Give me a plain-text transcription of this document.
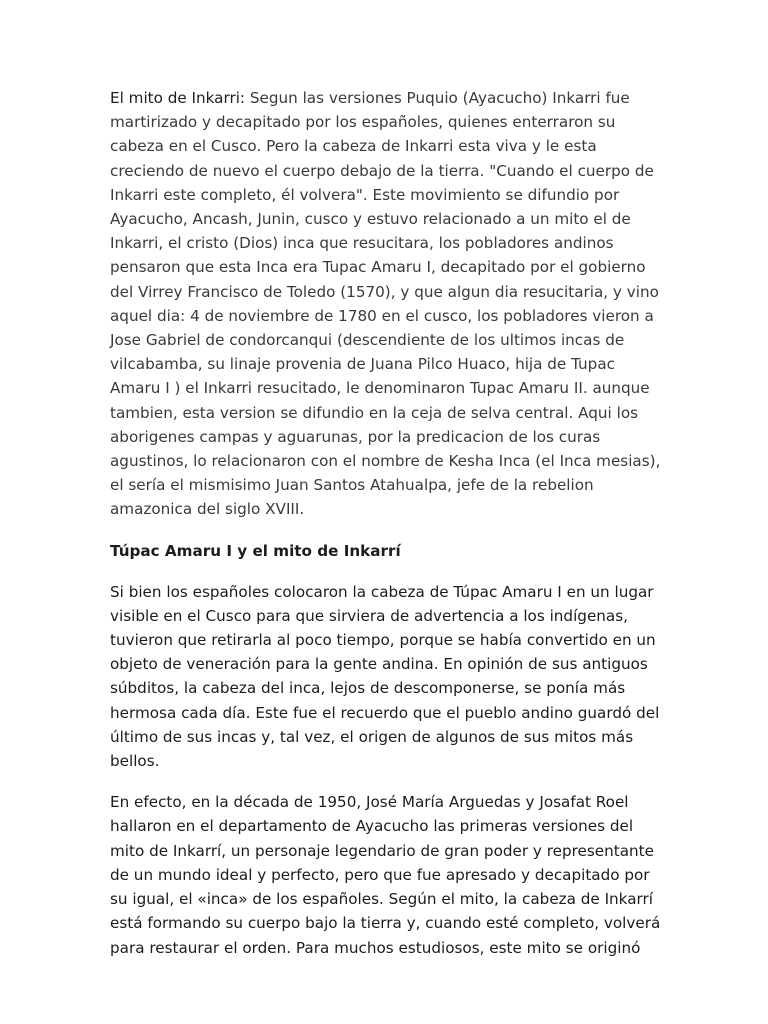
El mito de Inkarri: Segun las versiones Puquio (Ayacucho) Inkarri fue
martirizado y decapitado por los españoles, quienes enterraron su
cabeza en el Cusco. Pero la cabeza de Inkarri esta viva y le esta
creciendo de nuevo el cuerpo debajo de la tierra. "Cuando el cuerpo de
Inkarri este completo, él volvera". Este movimiento se difundio por
Ayacucho, Ancash, Junin, cusco y estuvo relacionado a un mito el de
Inkarri, el cristo (Dios) inca que resucitara, los pobladores andinos
pensaron que esta Inca era Tupac Amaru I, decapitado por el gobierno
del Virrey Francisco de Toledo (1570), y que algun dia resucitaria, y vino
aquel dia: 4 de noviembre de 1780 en el cusco, los pobladores vieron a
Jose Gabriel de condorcanqui (descendiente de los ultimos incas de
vilcabamba, su linaje provenia de Juana Pilco Huaco, hija de Tupac
Amaru I ) el Inkarri resucitado, le denominaron Tupac Amaru II. aunque
tambien, esta version se difundio en la ceja de selva central. Aqui los
aborigenes campas y aguarunas, por la predicacion de los curas
agustinos, lo relacionaron con el nombre de Kesha Inca (el Inca mesias),
el sería el mismisimo Juan Santos Atahualpa, jefe de la rebelion
amazonica del siglo XVIII.

Túpac Amaru I y el mito de Inkarrí

Si bien los españoles colocaron la cabeza de Túpac Amaru I en un lugar
visible en el Cusco para que sirviera de advertencia a los indígenas,
tuvieron que retirarla al poco tiempo, porque se había convertido en un
objeto de veneración para la gente andina. En opinión de sus antiguos
súbditos, la cabeza del inca, lejos de descomponerse, se ponía más
hermosa cada día. Este fue el recuerdo que el pueblo andino guardó del
último de sus incas y, tal vez, el origen de algunos de sus mitos más
bellos.

En efecto, en la década de 1950, José María Arguedas y Josafat Roel
hallaron en el departamento de Ayacucho las primeras versiones del
mito de Inkarrí, un personaje legendario de gran poder y representante
de un mundo ideal y perfecto, pero que fue apresado y decapitado por
su igual, el «inca» de los españoles. Según el mito, la cabeza de Inkarrí
está formando su cuerpo bajo la tierra y, cuando esté completo, volverá
para restaurar el orden. Para muchos estudiosos, este mito se originó
